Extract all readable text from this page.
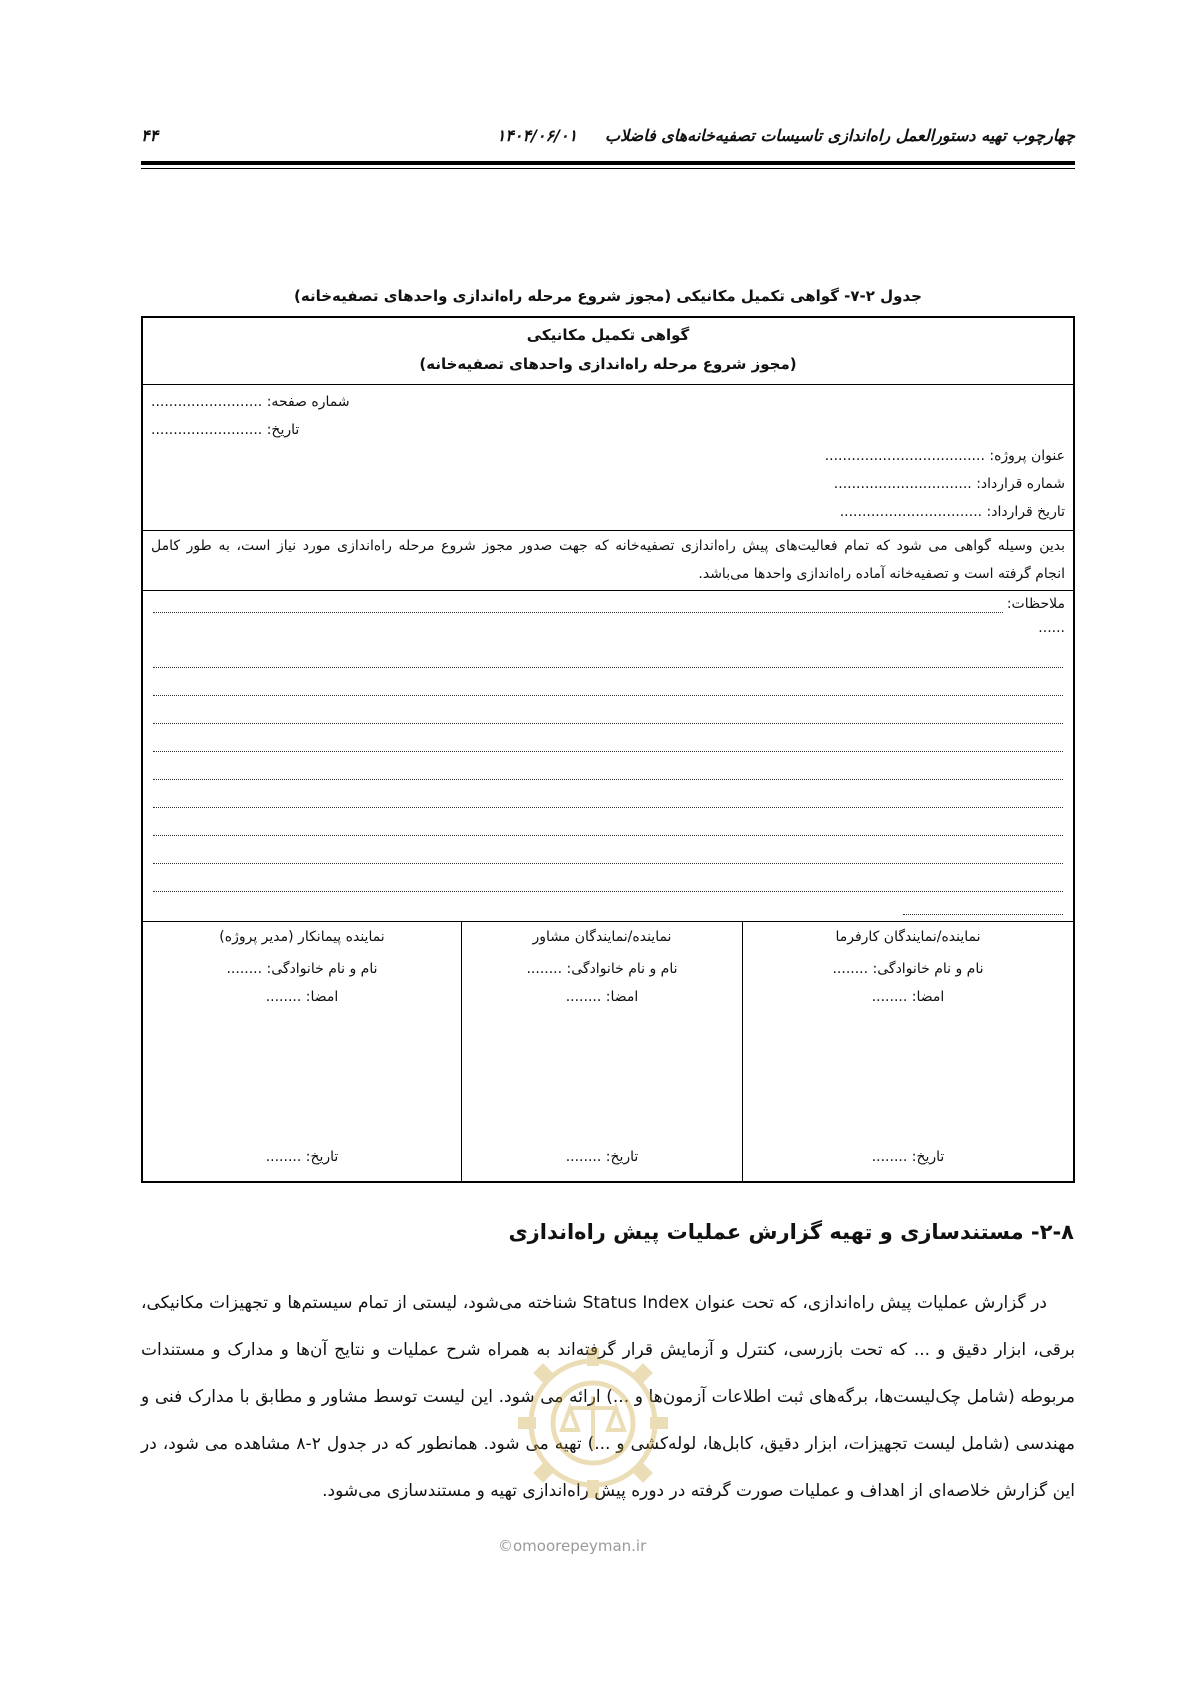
چهارچوب تهیه دستورالعمل راه‌اندازی تاسیسات تصفیه‌خانه‌های فاضلاب     ۱۴۰۴/۰۶/۰۱
۴۴
جدول ۲-۷- گواهی تکمیل مکانیکی (مجوز شروع مرحله راه‌اندازی واحدهای تصفیه‌خانه)
گواهی تکمیل مکانیکی
(مجوز شروع مرحله راه‌اندازی واحدهای تصفیه‌خانه)
......................... شماره صفحه:
......................... تاریخ:
عنوان پروژه: ....................................
شماره قرارداد: ...............................
تاریخ قرارداد: ................................
بدین وسیله گواهی می شود که تمام فعالیت‌های پیش راه‌اندازی تصفیه‌خانه که جهت صدور مجوز شروع مرحله راه‌اندازی مورد نیاز است، به طور کامل
انجام گرفته است و تصفیه‌خانه آماده راه‌اندازی واحدها می‌باشد.
ملاحظات:
......
نماینده/نمایندگان کارفرما
نام و نام خانوادگی: ........
امضا: ........
تاریخ: ........
نماینده/نمایندگان مشاور
نام و نام خانوادگی: ........
امضا: ........
تاریخ: ........
نماینده پیمانکار (مدیر پروژه)
نام و نام خانوادگی: ........
امضا: ........
تاریخ: ........
۲-۸- مستندسازی و تهیه گزارش عملیات پیش راه‌اندازی

در گزارش عملیات پیش راه‌اندازی، که تحت عنوان Status Index شناخته می‌شود، لیستی از تمام سیستم‌ها و تجهیزات مکانیکی، برقی، ابزار دقیق و ... که تحت بازرسی، کنترل و آزمایش قرار گرفته‌اند به همراه شرح عملیات و نتایج آن‌ها و مدارک و مستندات مربوطه (شامل چک‌لیست‌ها، برگه‌های ثبت اطلاعات آزمون‌ها و ...) ارائه می شود. این لیست توسط مشاور و مطابق با مدارک فنی و مهندسی (شامل لیست تجهیزات، ابزار دقیق، کابل‌ها، لوله‌کشی و ...) تهیه می شود. همانطور که در جدول ۲-۸ مشاهده می شود، در این گزارش خلاصه‌ای از اهداف و عملیات صورت گرفته در دوره پیش راه‌اندازی تهیه و مستندسازی می‌شود.

©omoorepeyman.ir
